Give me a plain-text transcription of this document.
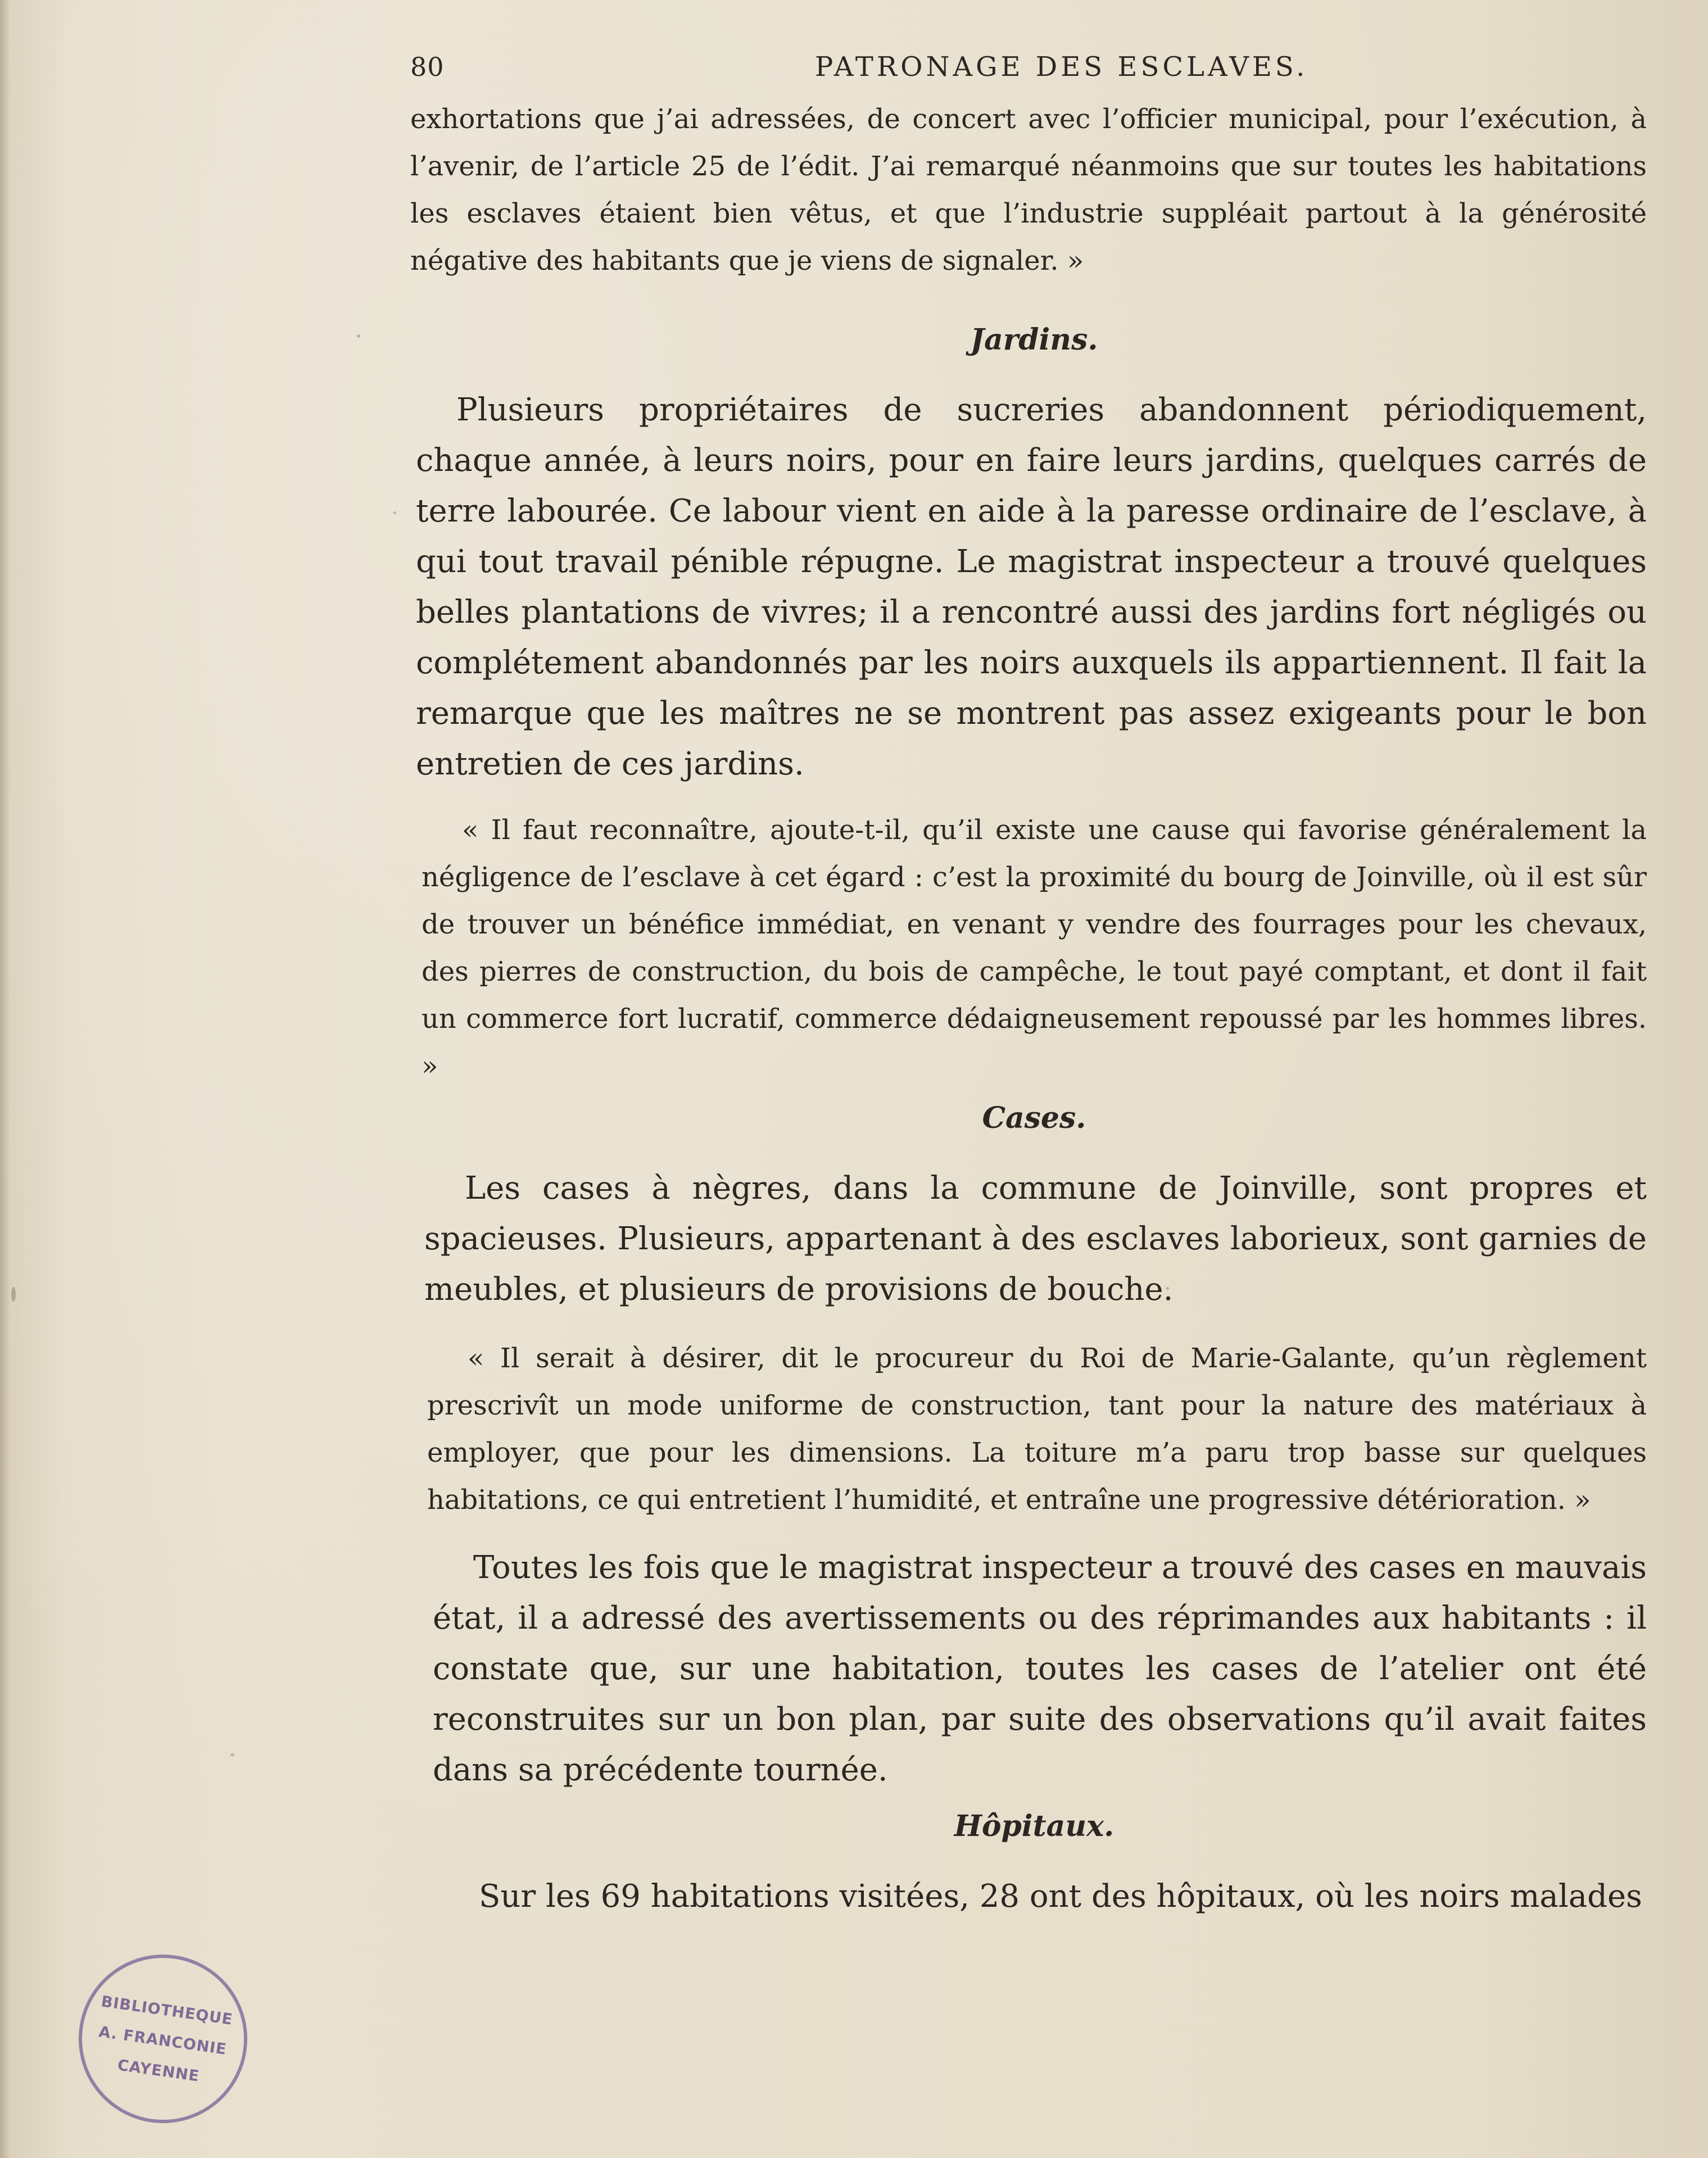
80	PATRONAGE DES ESCLAVES.

exhortations que j’ai adressées, de concert avec l’officier municipal, pour l’exécution, à l’avenir, de l’article 25 de l’édit. J’ai remarqué néanmoins que sur toutes les habitations les esclaves étaient bien vêtus, et que l’industrie suppléait partout à la générosité négative des habitants que je viens de signaler. »

Jardins.

Plusieurs propriétaires de sucreries abandonnent périodiquement, chaque année, à leurs noirs, pour en faire leurs jardins, quelques carrés de terre labourée. Ce labour vient en aide à la paresse ordinaire de l’esclave, à qui tout travail pénible répugne. Le magistrat inspecteur a trouvé quelques belles plantations de vivres; il a rencontré aussi des jardins fort négligés ou complétement abandonnés par les noirs auxquels ils appartiennent. Il fait la remarque que les maîtres ne se montrent pas assez exigeants pour le bon entretien de ces jardins.

« Il faut reconnaître, ajoute-t-il, qu’il existe une cause qui favorise généralement la négligence de l’esclave à cet égard : c’est la proximité du bourg de Joinville, où il est sûr de trouver un bénéfice immédiat, en venant y vendre des fourrages pour les chevaux, des pierres de construction, du bois de campêche, le tout payé comptant, et dont il fait un commerce fort lucratif, commerce dédaigneusement repoussé par les hommes libres. »

Cases.

Les cases à nègres, dans la commune de Joinville, sont propres et spacieuses. Plusieurs, appartenant à des esclaves laborieux, sont garnies de meubles, et plusieurs de provisions de bouche.

« Il serait à désirer, dit le procureur du Roi de Marie-Galante, qu’un règlement prescrivît un mode uniforme de construction, tant pour la nature des matériaux à employer, que pour les dimensions. La toiture m’a paru trop basse sur quelques habitations, ce qui entretient l’humidité, et entraîne une progressive détérioration. »

Toutes les fois que le magistrat inspecteur a trouvé des cases en mauvais état, il a adressé des avertissements ou des réprimandes aux habitants : il constate que, sur une habitation, toutes les cases de l’atelier ont été reconstruites sur un bon plan, par suite des observations qu’il avait faites dans sa précédente tournée.

Hôpitaux.

Sur les 69 habitations visitées, 28 ont des hôpitaux, où les noirs malades

BIBLIOTHEQUE
A. FRANCONIE
CAYENNE
